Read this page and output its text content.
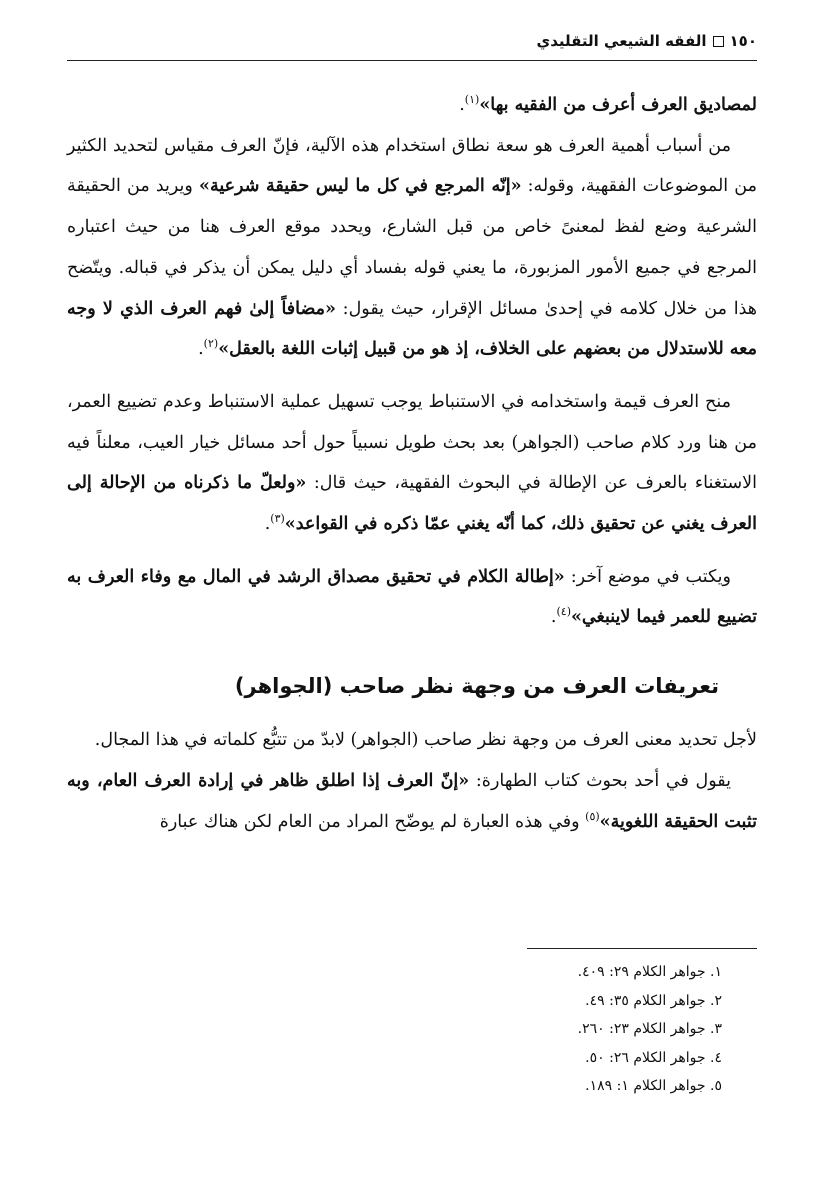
١٥٠الفقه الشيعي التقليدي

لمصاديق العرف أعرف من الفقيه بها»$^{(١)}$.

من أسباب أهمية العرف هو سعة نطاق استخدام هذه الآلية، فإنّ العرف مقياس لتحديد الكثير من الموضوعات الفقهية، وقوله: «إنّه المرجع في كل ما ليس حقيقة شرعية» ويريد من الحقيقة الشرعية وضع لفظ لمعنىً خاص من قبل الشارع، ويحدد موقع العرف هنا من حيث اعتباره المرجع في جميع الأمور المزبورة، ما يعني قوله بفساد أي دليل يمكن أن يذكر في قباله. ويتّضح هذا من خلال كلامه في إحدىٰ مسائل الإقرار، حيث يقول: «مضافاً إلىٰ فهم العرف الذي لا وجه معه للاستدلال من بعضهم على الخلاف، إذ هو من قبيل إثبات اللغة بالعقل»$^{(٢)}$.

منح العرف قيمة واستخدامه في الاستنباط يوجب تسهيل عملية الاستنباط وعدم تضييع العمر، من هنا ورد كلام صاحب (الجواهر) بعد بحث طويل نسبياً حول أحد مسائل خيار العيب، معلناً فيه الاستغناء بالعرف عن الإطالة في البحوث الفقهية، حيث قال: «ولعلّ ما ذكرناه من الإحالة إلى العرف يغني عن تحقيق ذلك، كما أنّه يغني عمّا ذكره في القواعد»$^{(٣)}$.

ويكتب في موضع آخر: «إطالة الكلام في تحقيق مصداق الرشد في المال مع وفاء العرف به تضييع للعمر فيما لاينبغي»$^{(٤)}$.

تعريفات العرف من وجهة نظر صاحب (الجواهر)

لأجل تحديد معنى العرف من وجهة نظر صاحب (الجواهر) لابدّ من تتبُّع كلماته في هذا المجال.

يقول في أحد بحوث كتاب الطهارة: «إنّ العرف إذا اطلق ظاهر في إرادة العرف العام، وبه تثبت الحقيقة اللغوية»$^{(٥)}$ وفي هذه العبارة لم يوضّح المراد من العام لكن هناك عبارة

١. جواهر الكلام ٢٩: ٤٠٩.
٢. جواهر الكلام ٣٥: ٤٩.
٣. جواهر الكلام ٢٣: ٢٦٠.
٤. جواهر الكلام ٢٦: ٥٠.
٥. جواهر الكلام ١: ١٨٩.
